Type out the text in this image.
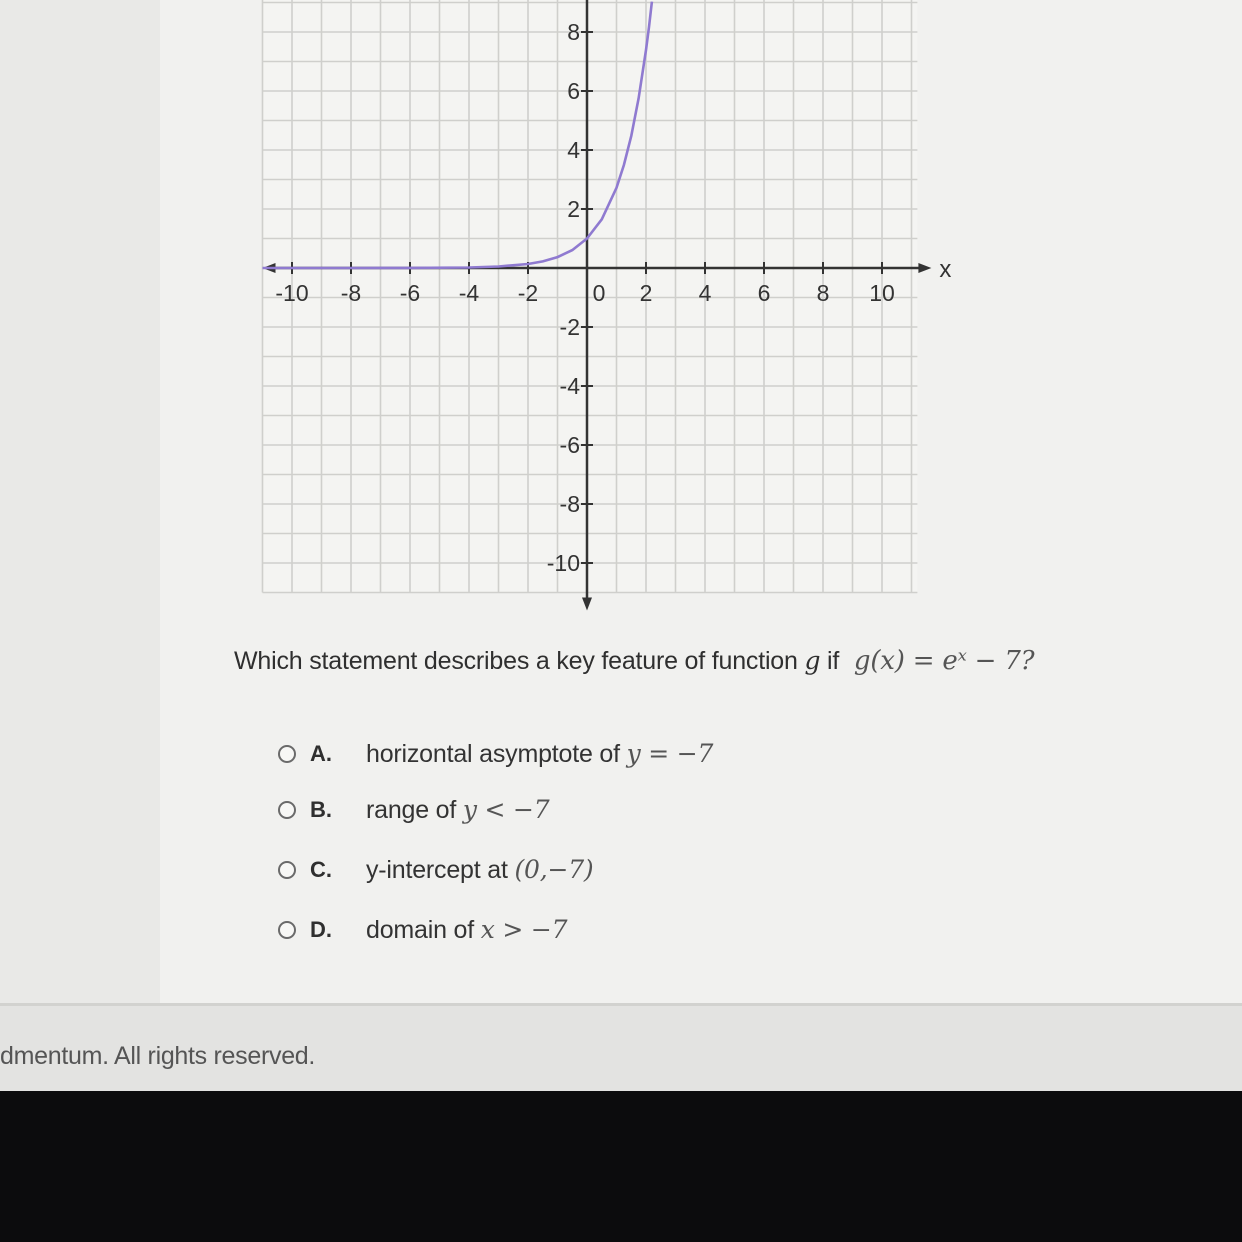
x
-10 -8 -6 -4 -2 0 2 4 6 8 10
8
6
4
2
-2
-4
-6
-8
-10
Which statement describes a key feature of function g if g(x) = eˣ − 7?
A.	horizontal asymptote of y = −7
B.	range of y < −7
C.	y-intercept at (0,−7)
D.	domain of x > −7
dmentum. All rights reserved.
